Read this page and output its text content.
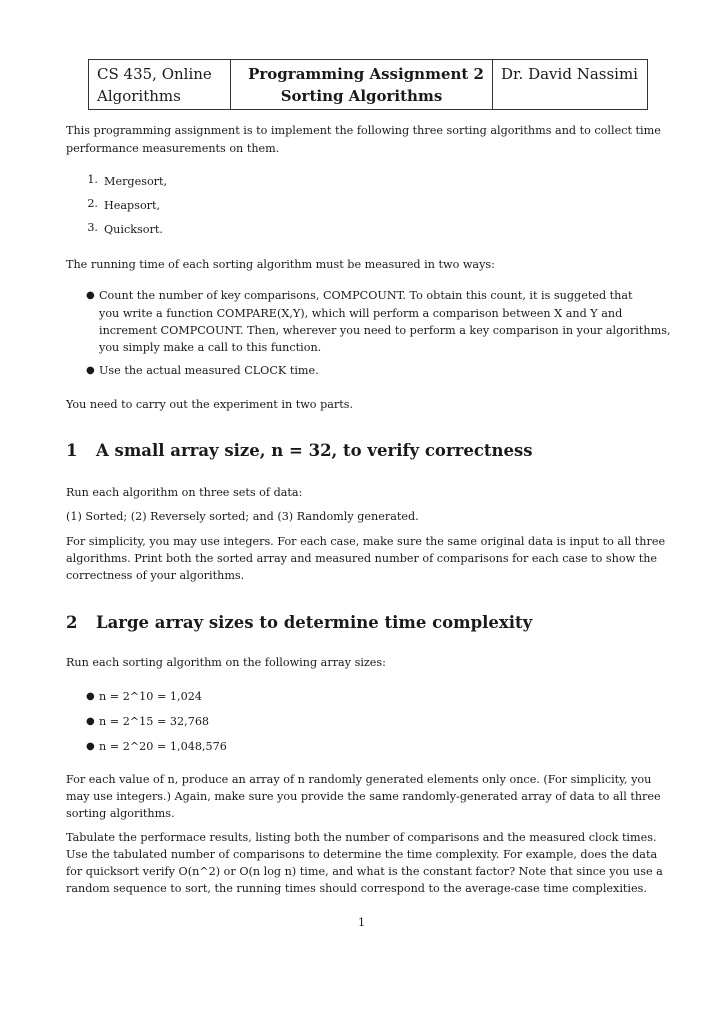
CS 435, Online
Algorithms
Programming Assignment 2
Sorting Algorithms
Dr. David Nassimi
This programming assignment is to implement the following three sorting algorithms and to collect time
performance measurements on them.
1. Mergesort,
2. Heapsort,
3. Quicksort.
The running time of each sorting algorithm must be measured in two ways:
● Count the number of key comparisons, COMPCOUNT. To obtain this count, it is suggeted that
you write a function COMPARE(X,Y), which will perform a comparison between X and Y and
increment COMPCOUNT. Then, wherever you need to perform a key comparison in your algorithms,
you simply make a call to this function.
● Use the actual measured CLOCK time.
You need to carry out the experiment in two parts.
1 A small array size, n = 32, to verify correctness
Run each algorithm on three sets of data:
(1) Sorted; (2) Reversely sorted; and (3) Randomly generated.
For simplicity, you may use integers. For each case, make sure the same original data is input to all three
algorithms. Print both the sorted array and measured number of comparisons for each case to show the
correctness of your algorithms.
2 Large array sizes to determine time complexity
Run each sorting algorithm on the following array sizes:
● n = 2^10 = 1,024
● n = 2^15 = 32,768
● n = 2^20 = 1,048,576
For each value of n, produce an array of n randomly generated elements only once. (For simplicity, you
may use integers.) Again, make sure you provide the same randomly-generated array of data to all three
sorting algorithms.
Tabulate the performace results, listing both the number of comparisons and the measured clock times.
Use the tabulated number of comparisons to determine the time complexity. For example, does the data
for quicksort verify O(n^2) or O(n log n) time, and what is the constant factor? Note that since you use a
random sequence to sort, the running times should correspond to the average-case time complexities.
1
